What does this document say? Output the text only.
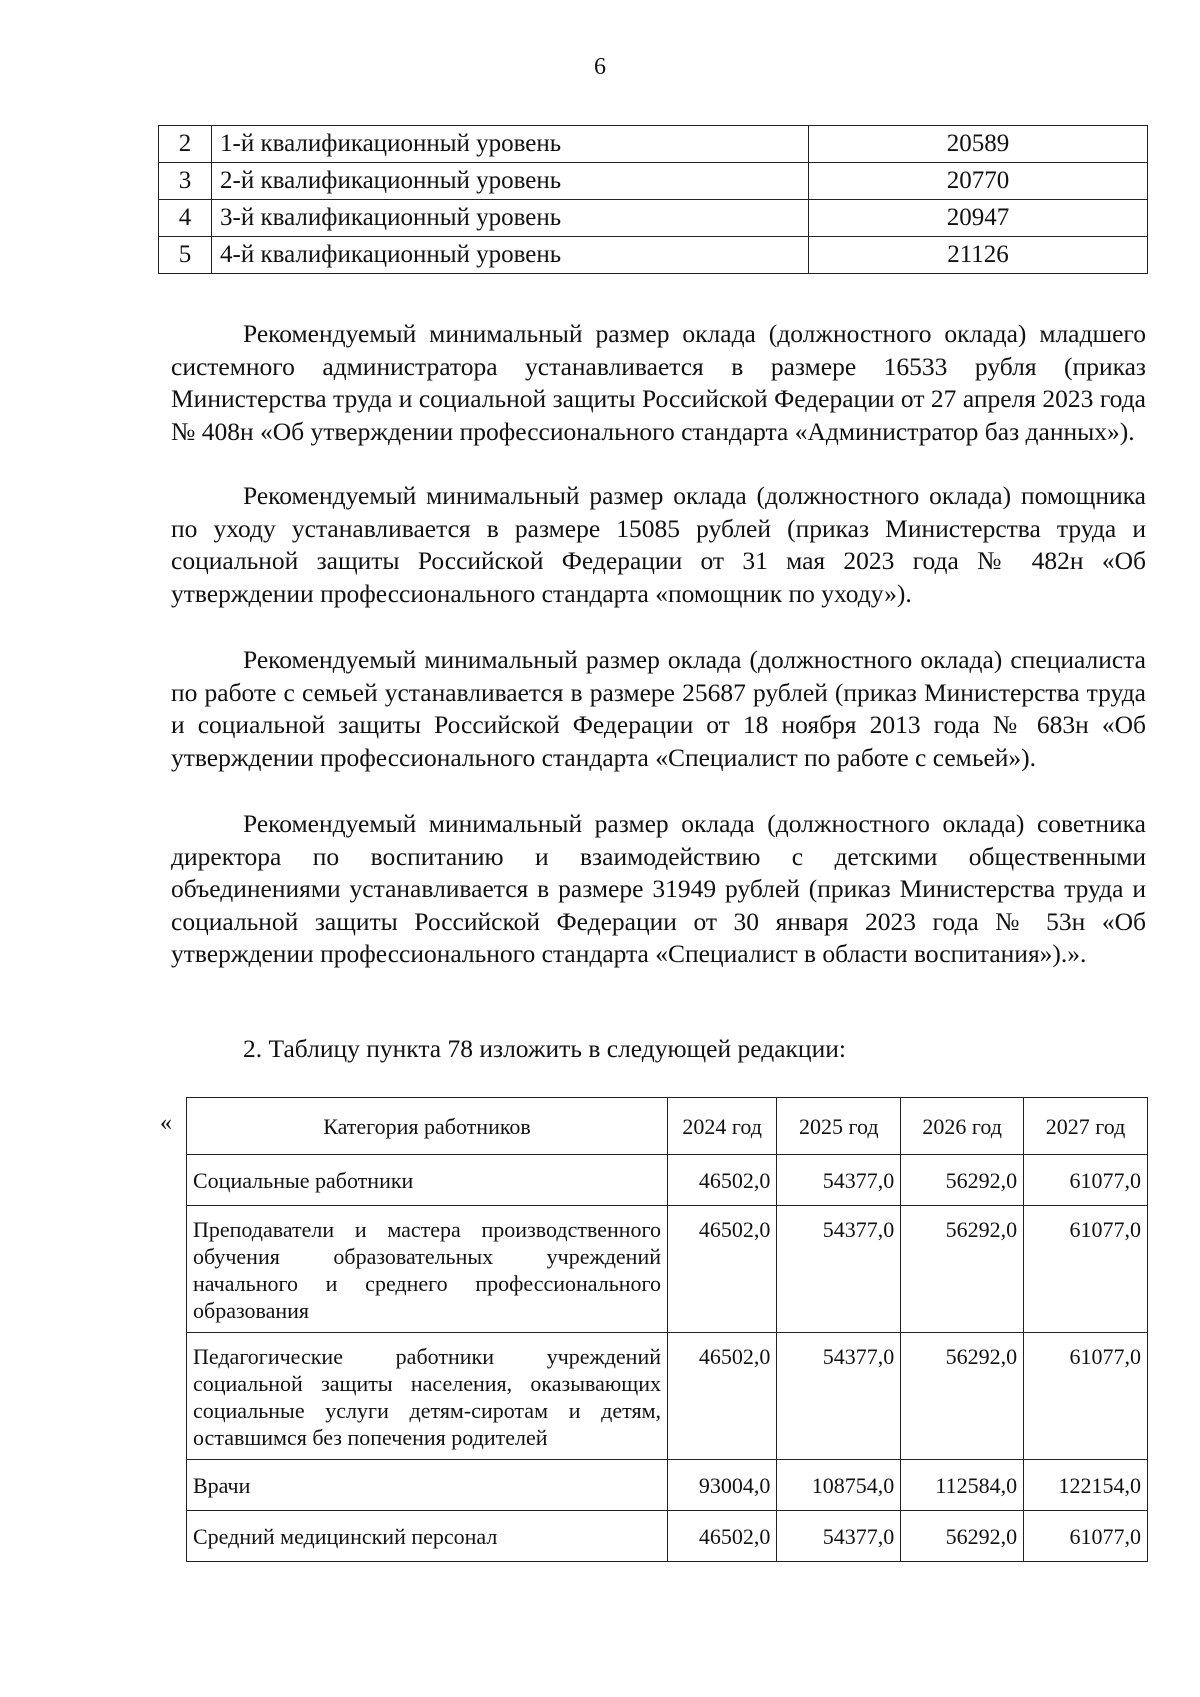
6
2	1-й квалификационный уровень	20589
3	2-й квалификационный уровень	20770
4	3-й квалификационный уровень	20947
5	4-й квалификационный уровень	21126

Рекомендуемый минимальный размер оклада (должностного оклада) младшего системного администратора устанавливается в размере 16533 рубля (приказ Министерства труда и социальной защиты Российской Федерации от 27 апреля 2023 года № 408н «Об утверждении профессионального стандарта «Администратор баз данных»).

Рекомендуемый минимальный размер оклада (должностного оклада) помощника по уходу устанавливается в размере 15085 рублей (приказ Министерства труда и социальной защиты Российской Федерации от 31 мая 2023 года № 482н «Об утверждении профессионального стандарта «помощник по уходу»).

Рекомендуемый минимальный размер оклада (должностного оклада) специалиста по работе с семьей устанавливается в размере 25687 рублей (приказ Министерства труда и социальной защиты Российской Федерации от 18 ноября 2013 года № 683н «Об утверждении профессионального стандарта «Специалист по работе с семьей»).

Рекомендуемый минимальный размер оклада (должностного оклада) советника директора по воспитанию и взаимодействию с детскими общественными объединениями устанавливается в размере 31949 рублей (приказ Министерства труда и социальной защиты Российской Федерации от 30 января 2023 года № 53н «Об утверждении профессионального стандарта «Специалист в области воспитания»).».

2. Таблицу пункта 78 изложить в следующей редакции:
«	Категория работников	2024 год	2025 год	2026 год	2027 год
Социальные работники	46502,0	54377,0	56292,0	61077,0
Преподаватели и мастера производственного обучения образовательных учреждений начального и среднего профессионального образования	46502,0	54377,0	56292,0	61077,0
Педагогические работники учреждений социальной защиты населения, оказывающих социальные услуги детям-сиротам и детям, оставшимся без попечения родителей	46502,0	54377,0	56292,0	61077,0
Врачи	93004,0	108754,0	112584,0	122154,0
Средний медицинский персонал	46502,0	54377,0	56292,0	61077,0
